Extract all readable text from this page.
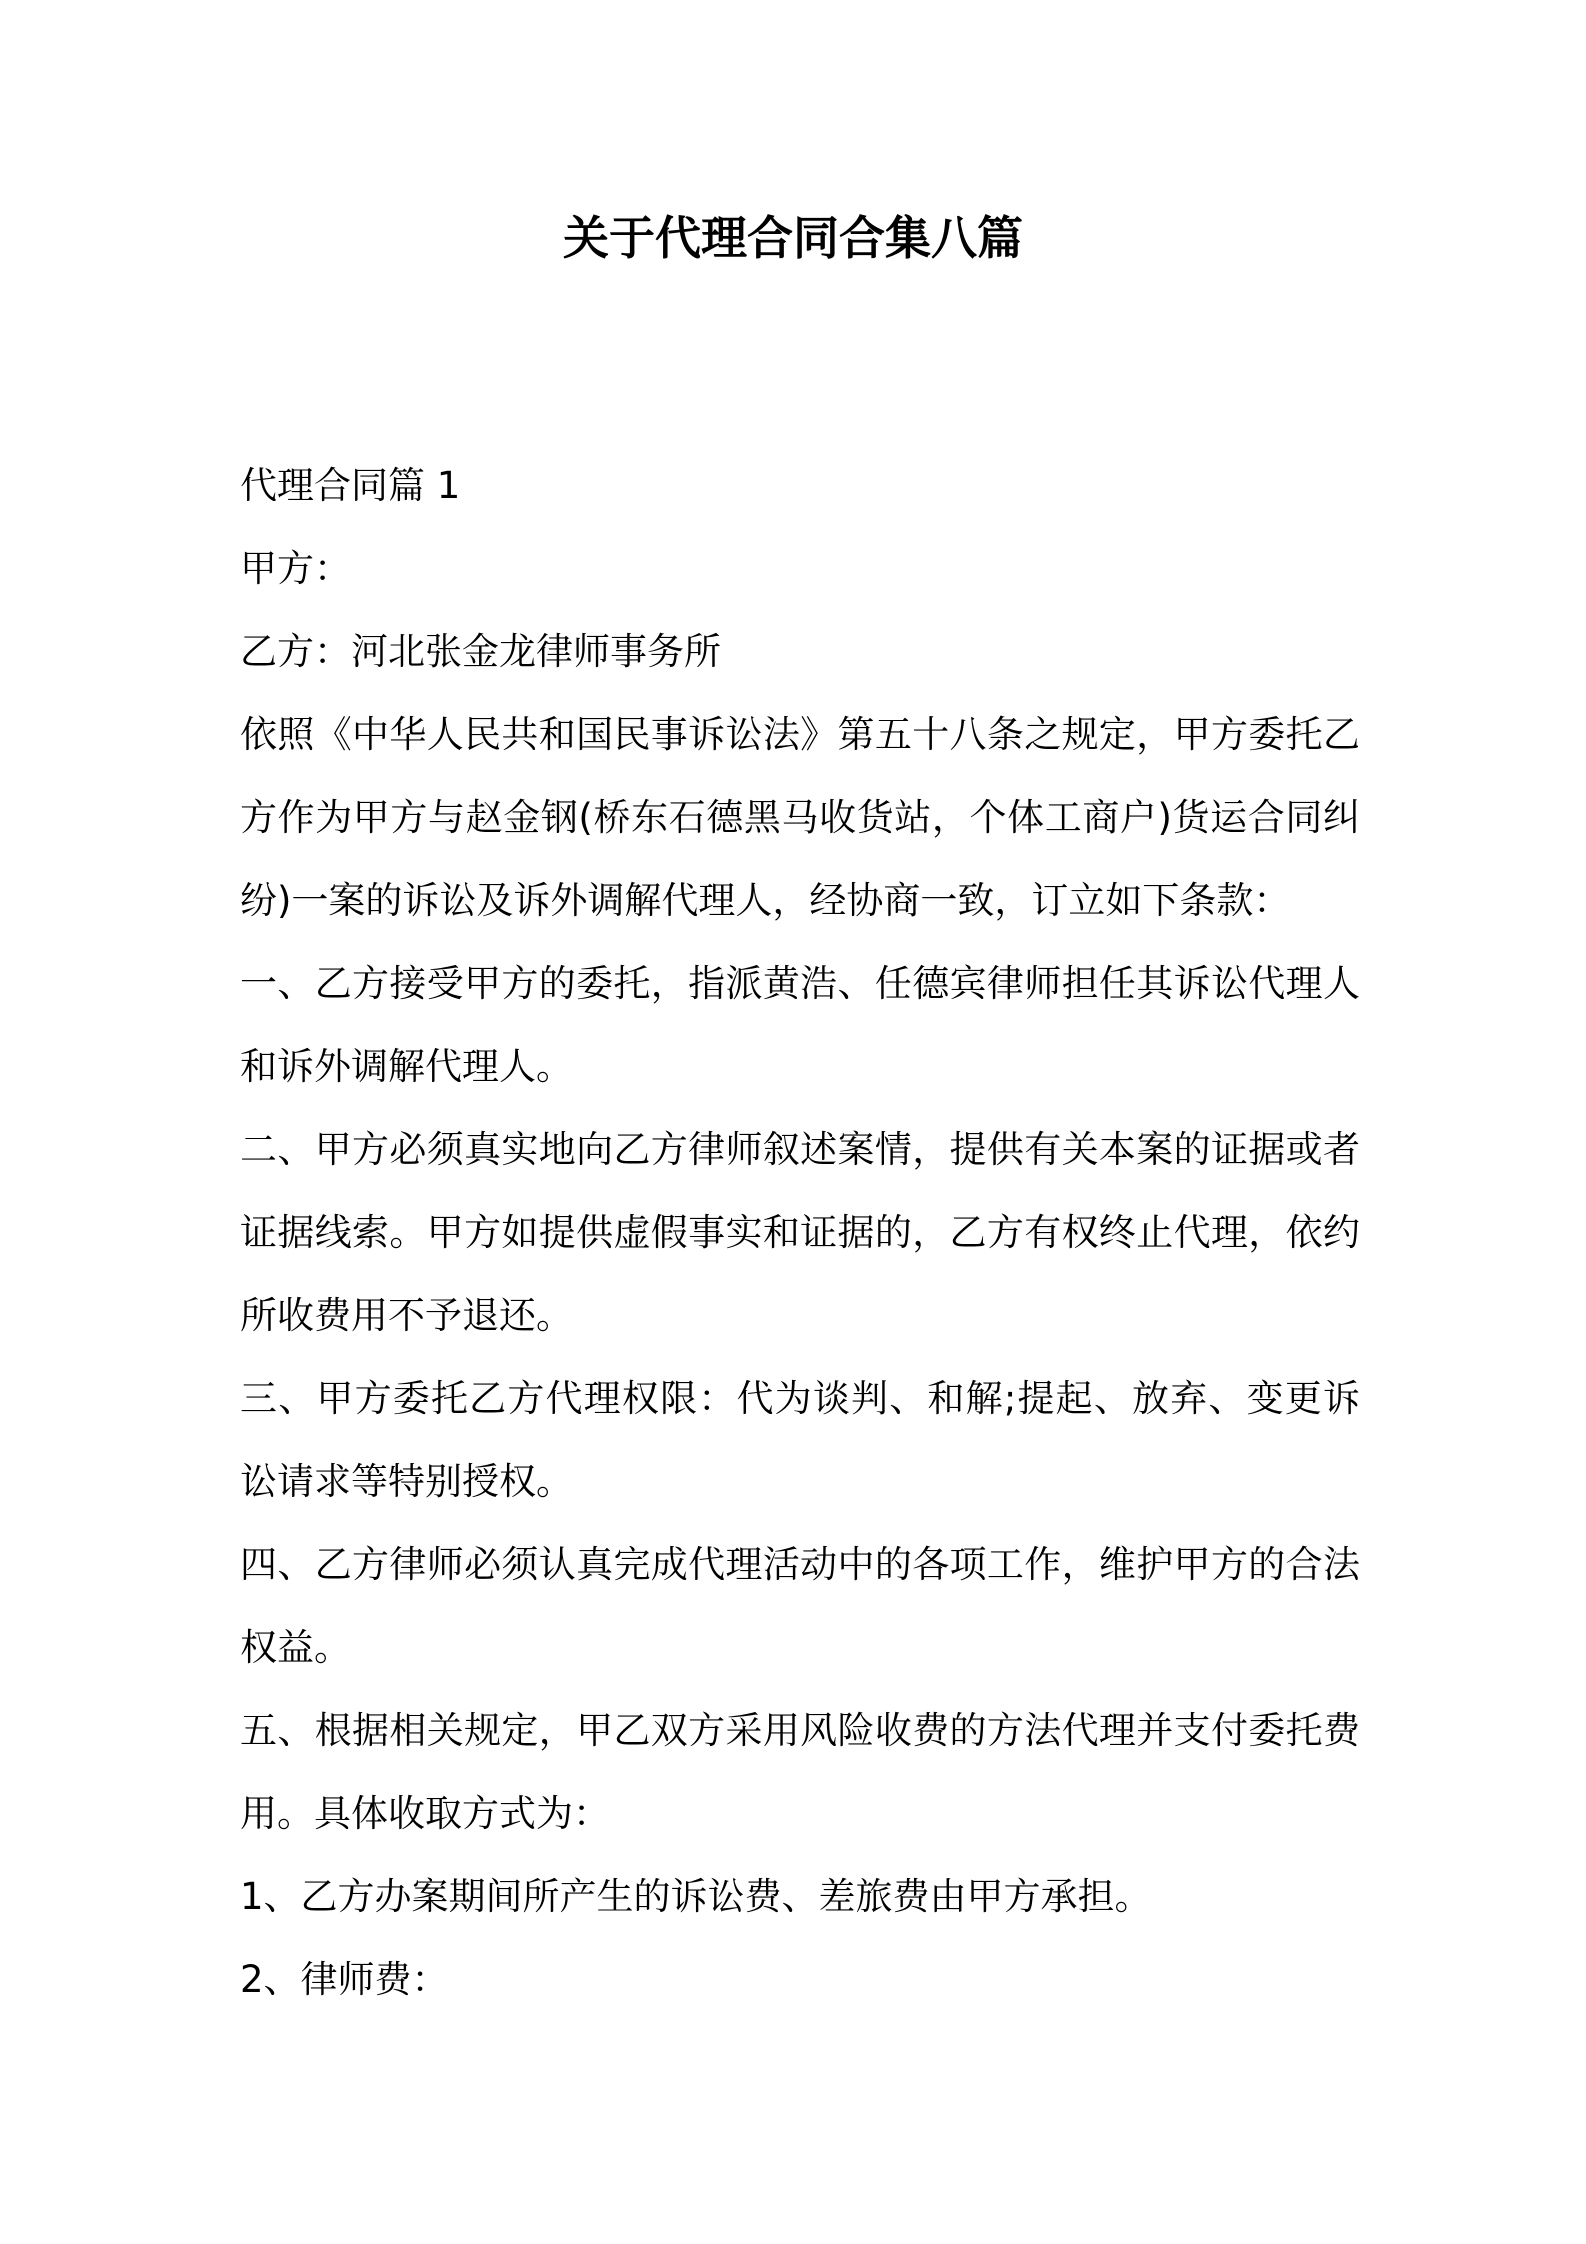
关于代理合同合集八篇

代理合同篇 1

甲方：

乙方：河北张金龙律师事务所

依照《中华人民共和国民事诉讼法》第五十八条之规定，甲方委托乙方作为甲方与赵金钢(桥东石德黑马收货站，个体工商户)货运合同纠纷)一案的诉讼及诉外调解代理人，经协商一致，订立如下条款：

一、乙方接受甲方的委托，指派黄浩、任德宾律师担任其诉讼代理人和诉外调解代理人。

二、甲方必须真实地向乙方律师叙述案情，提供有关本案的证据或者证据线索。甲方如提供虚假事实和证据的，乙方有权终止代理，依约所收费用不予退还。

三、甲方委托乙方代理权限：代为谈判、和解;提起、放弃、变更诉讼请求等特别授权。

四、乙方律师必须认真完成代理活动中的各项工作，维护甲方的合法权益。

五、根据相关规定，甲乙双方采用风险收费的方法代理并支付委托费用。具体收取方式为：

1、乙方办案期间所产生的诉讼费、差旅费由甲方承担。

2、律师费：
